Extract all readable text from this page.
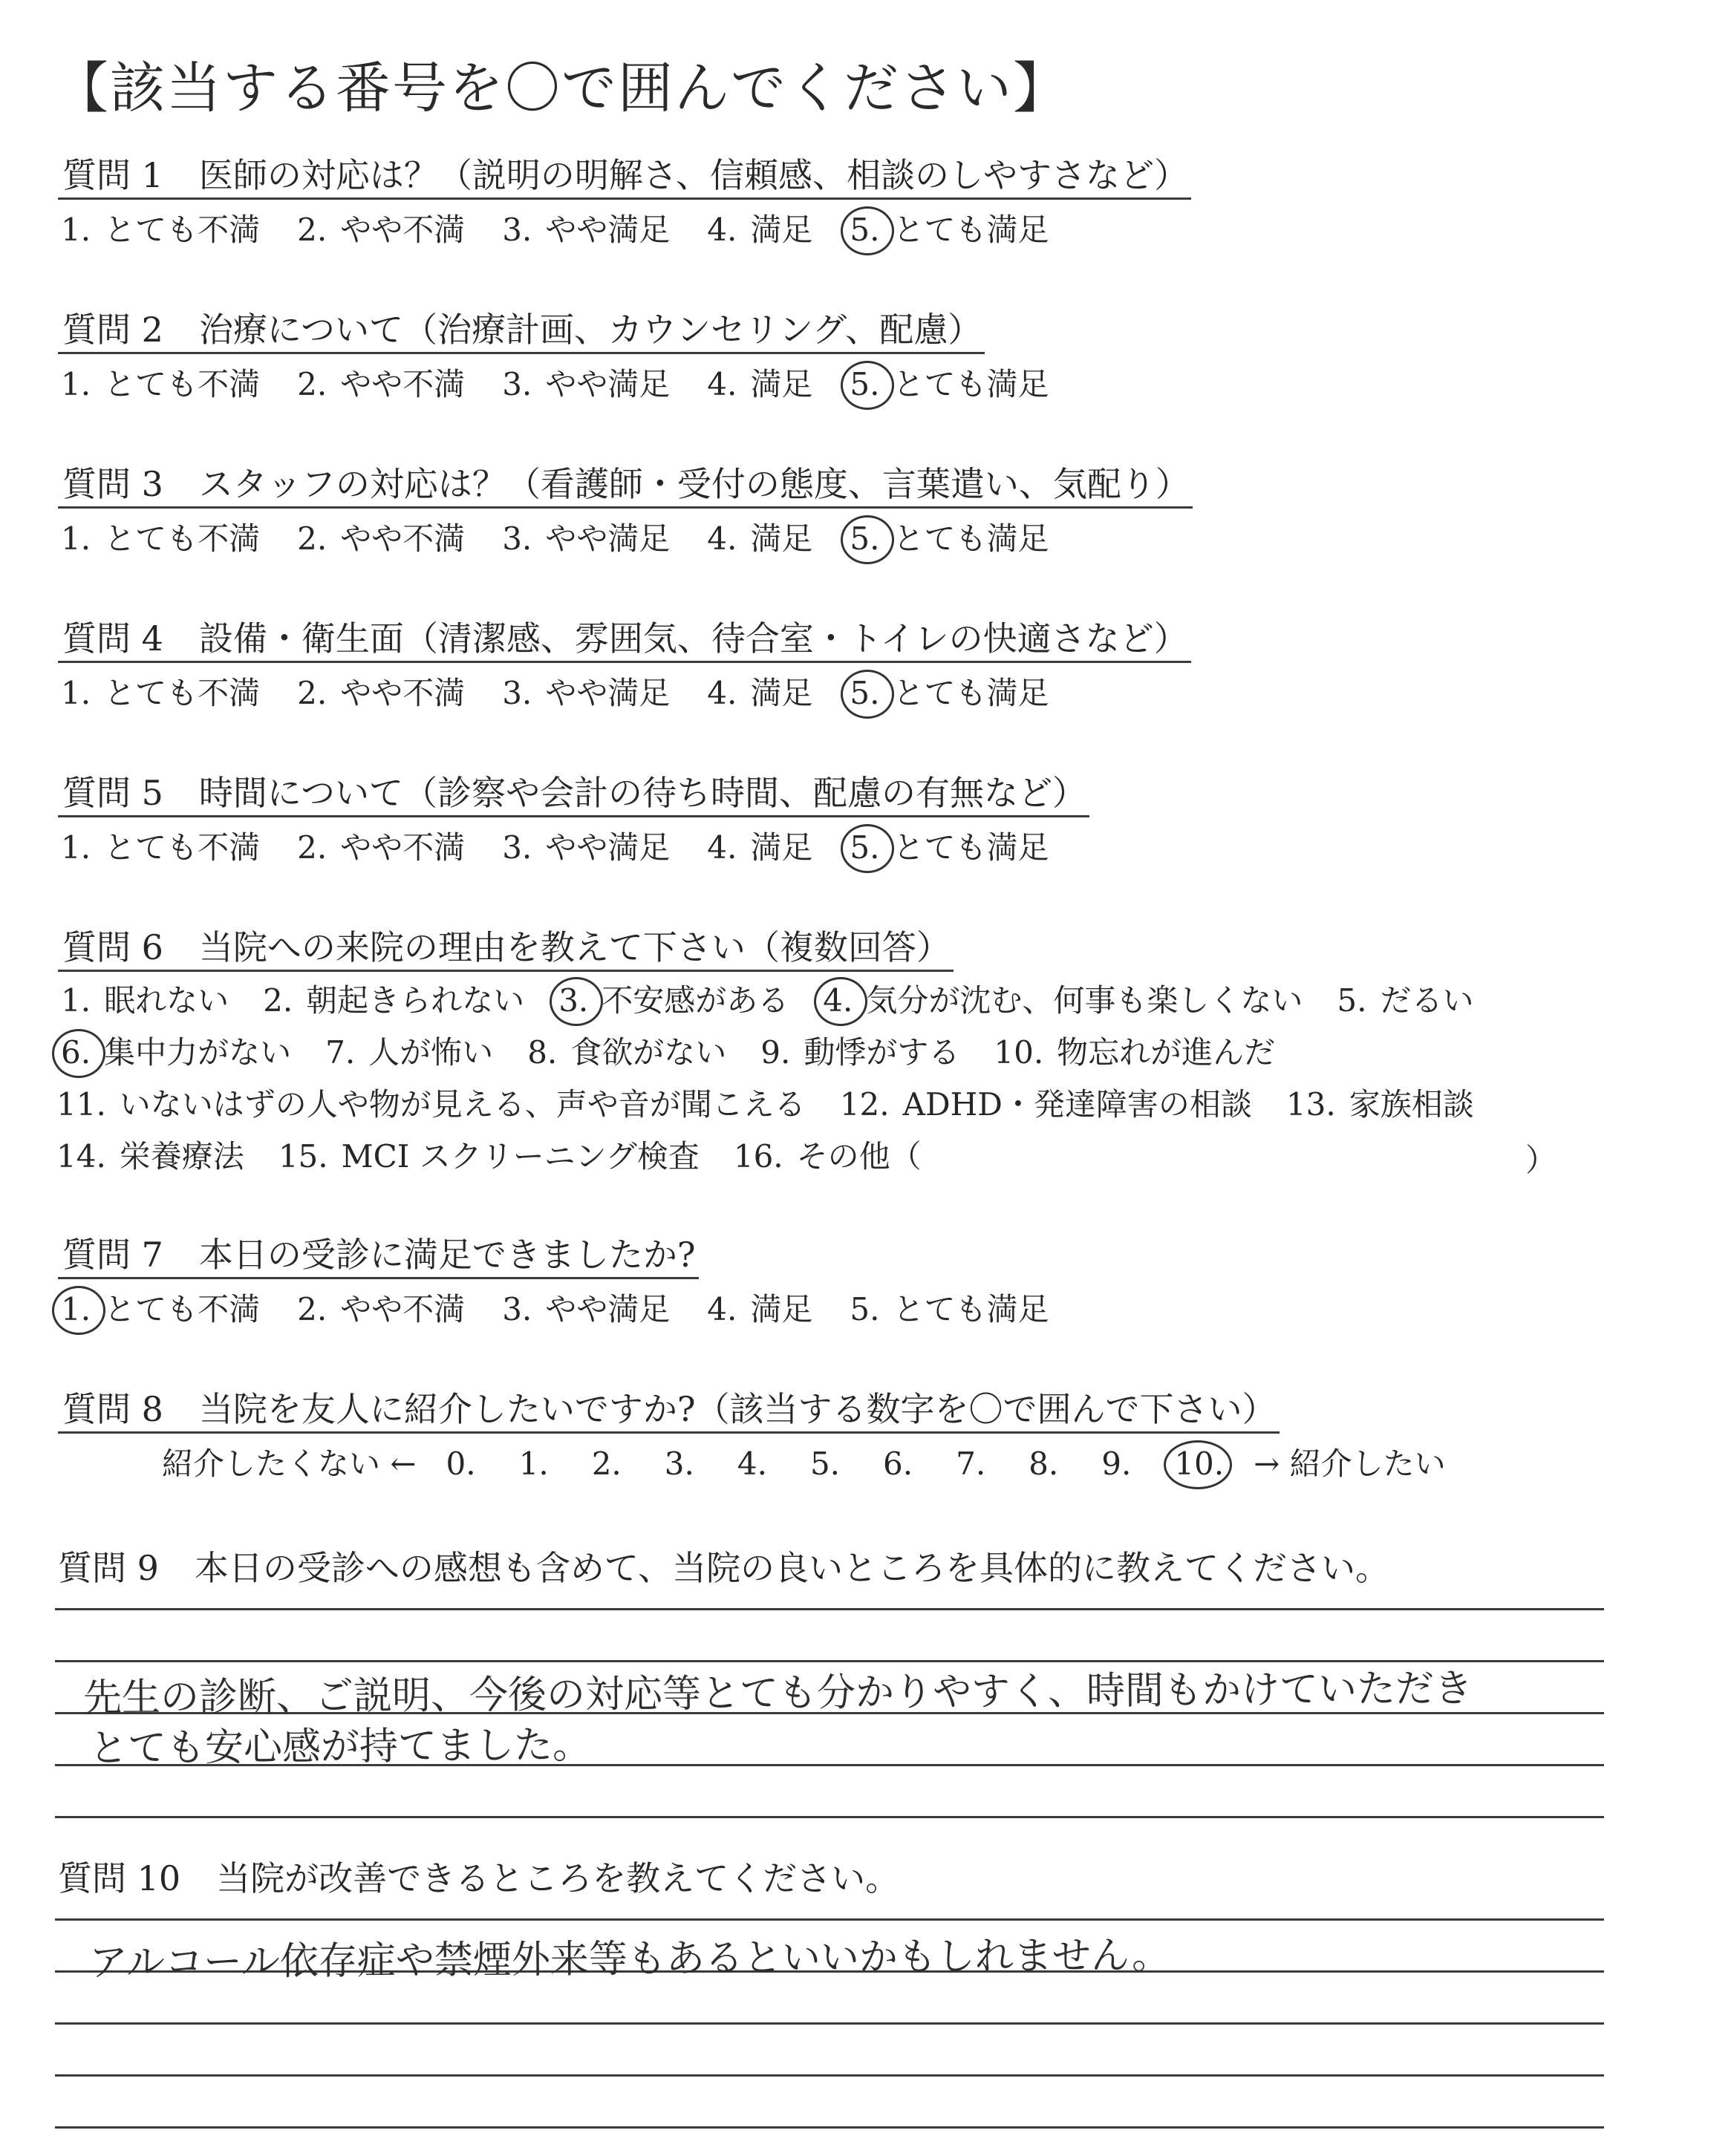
【該当する番号を〇で囲んでください】
質問 1 医師の対応は？（説明の明解さ、信頼感、相談のしやすさなど）
1. とても不満 2. やや不満 3. やや満足 4. 満足 5. とても満足
質問 2 治療について（治療計画、カウンセリング、配慮）
1. とても不満 2. やや不満 3. やや満足 4. 満足 5. とても満足
質問 3 スタッフの対応は？（看護師・受付の態度、言葉遣い、気配り）
1. とても不満 2. やや不満 3. やや満足 4. 満足 5. とても満足
質問 4 設備・衛生面（清潔感、雰囲気、待合室・トイレの快適さなど）
1. とても不満 2. やや不満 3. やや満足 4. 満足 5. とても満足
質問 5 時間について（診察や会計の待ち時間、配慮の有無など）
1. とても不満 2. やや不満 3. やや満足 4. 満足 5. とても満足
質問 6 当院への来院の理由を教えて下さい（複数回答）
1. 眠れない 2. 朝起きられない 3. 不安感がある 4. 気分が沈む、何事も楽しくない 5. だるい
6. 集中力がない 7. 人が怖い 8. 食欲がない 9. 動悸がする 10. 物忘れが進んだ
11. いないはずの人や物が見える、声や音が聞こえる 12. ADHD・発達障害の相談 13. 家族相談
14. 栄養療法 15. MCI スクリーニング検査 16. その他（	）
質問 7 本日の受診に満足できましたか?
1. とても不満 2. やや不満 3. やや満足 4. 満足 5. とても満足
質問 8 当院を友人に紹介したいですか?（該当する数字を〇で囲んで下さい）
紹介したくない ← 0. 1. 2. 3. 4. 5. 6. 7. 8. 9. 10. → 紹介したい
質問 9 本日の受診への感想も含めて、当院の良いところを具体的に教えてください。
先生の診断、ご説明、今後の対応等とても分かりやすく、時間もかけていただき
とても安心感が持てました。
質問 10 当院が改善できるところを教えてください。
アルコール依存症や禁煙外来等もあるといいかもしれません。
